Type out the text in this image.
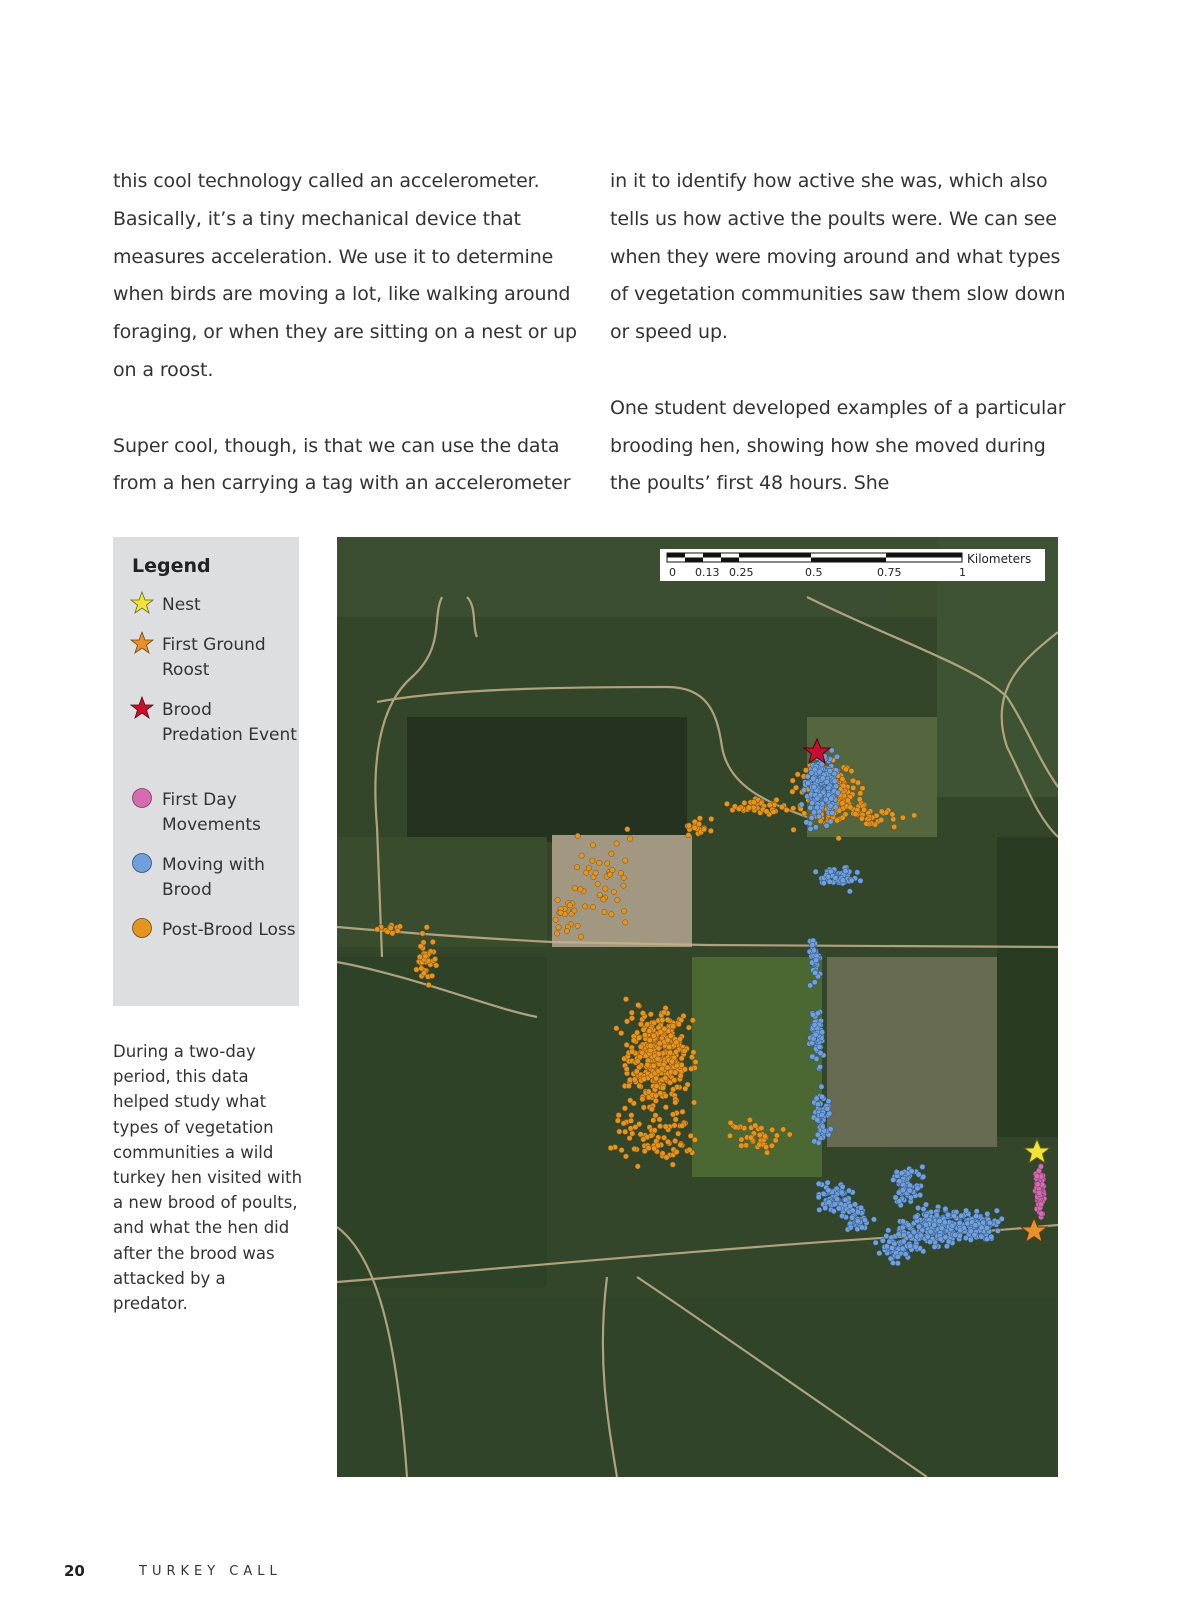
this cool technology called an accelerometer. Basically, it’s a tiny mechanical device that measures acceleration. We use it to determine when birds are moving a lot, like walking around foraging, or when they are sitting on a nest or up on a roost.

Super cool, though, is that we can use the data from a hen carrying a tag with an accelerometer

in it to identify how active she was, which also tells us how active the poults were. We can see when they were moving around and what types of vegetation communities saw them slow down or speed up.

One student developed examples of a particular brooding hen, showing how she moved during the poults’ first 48 hours. She

Legend
Nest
First Ground Roost
Brood Predation Event
First Day Movements
Moving with Brood
Post-Brood Loss
During a two-day period, this data helped study what types of vegetation communities a wild turkey hen visited with a new brood of poults, and what the hen did after the brood was attacked by a predator.
Kilometers
0 0.13 0.25	0.5	0.75	1
20	TURKEY CALL
